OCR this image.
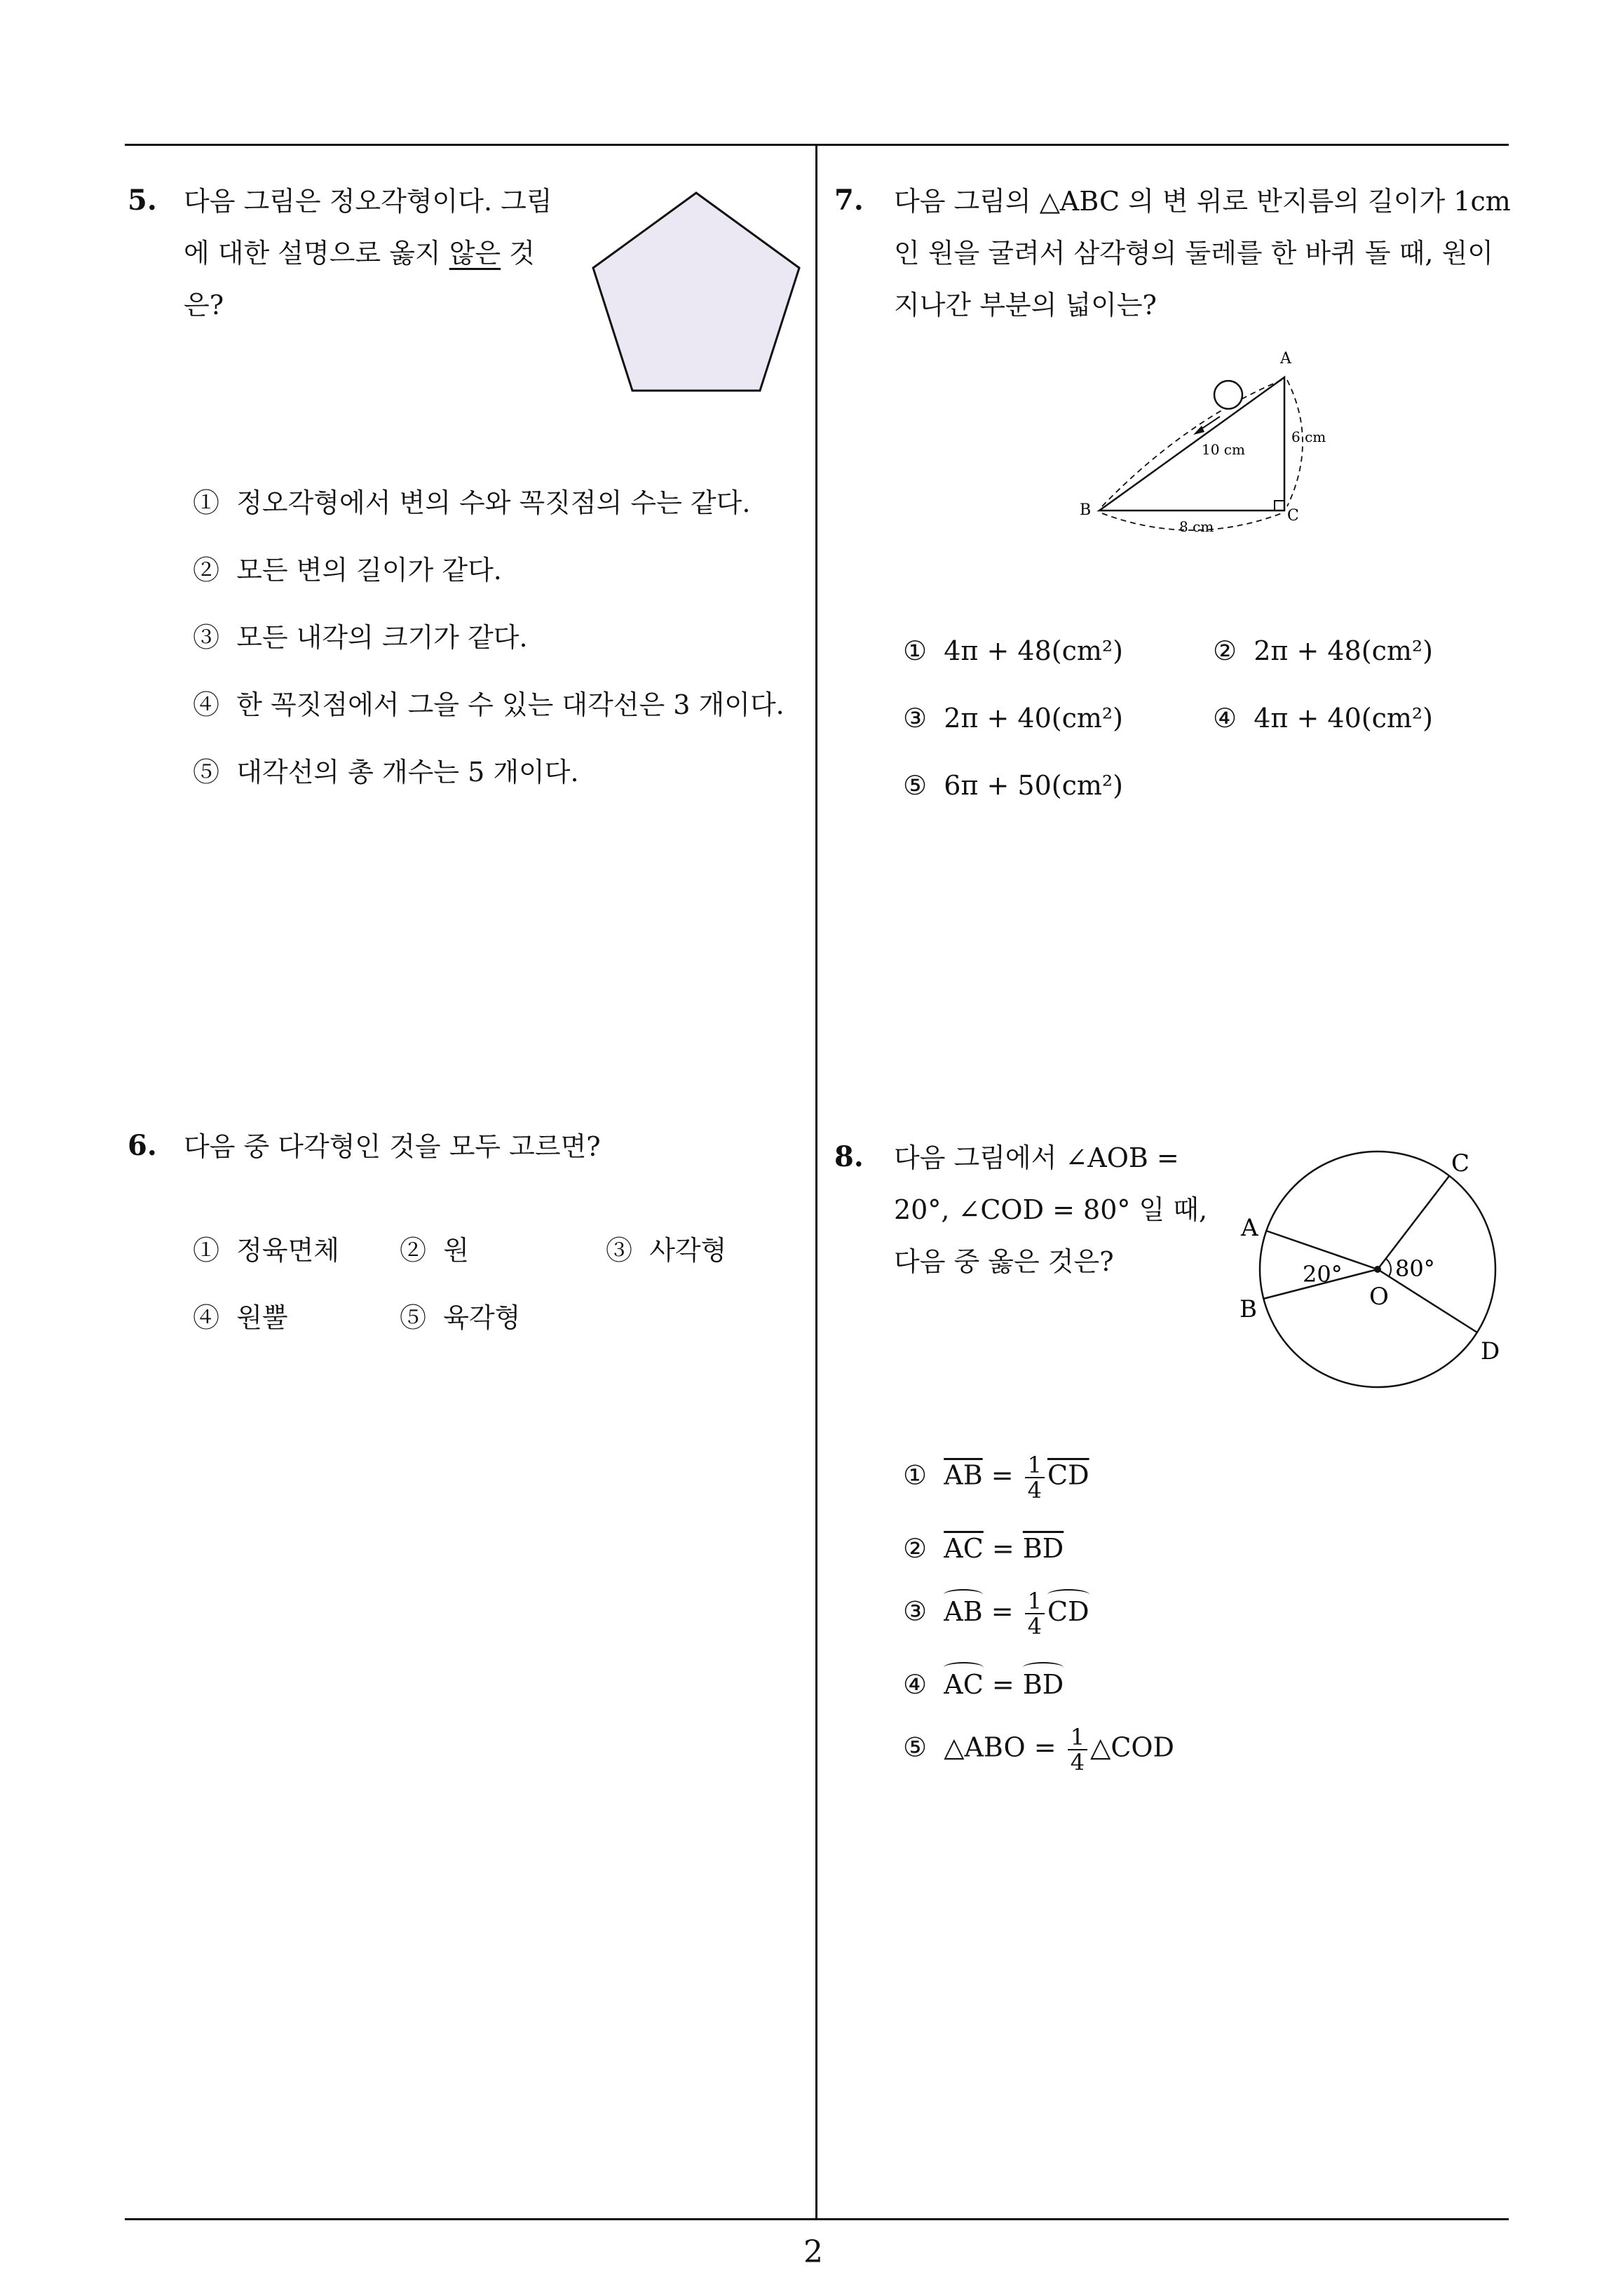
5. 다음 그림은 정오각형이다. 그림
에 대한 설명으로 옳지 않은 것
은?
① 정오각형에서 변의 수와 꼭짓점의 수는 같다.
② 모든 변의 길이가 같다.
③ 모든 내각의 크기가 같다.
④ 한 꼭짓점에서 그을 수 있는 대각선은 3 개이다.
⑤ 대각선의 총 개수는 5 개이다.
6. 다음 중 다각형인 것을 모두 고르면?
① 정육면체 ② 원	③ 사각형
④ 원뿔	⑤ 육각형
7. 다음 그림의 △ABC 의 변 위로 반지름의 길이가 1cm
인 원을 굴려서 삼각형의 둘레를 한 바퀴 돌 때, 원이
지나간 부분의 넓이는?
A
B	C
10 cm
6 cm
8 cm
① 4π + 48(cm²)	② 2π + 48(cm²)
③ 2π + 40(cm²)	④ 4π + 40(cm²)
⑤ 6π + 50(cm²)
8. 다음 그림에서 ∠AOB =
20°, ∠COD = 80° 일 때,
다음 중 옳은 것은?
A
B
C
D
O
20° 80°
① $\overline{AB} = \frac{1}{4} \overline{CD}$
② $\overline{AC} = \overline{BD}$
③ AB = $\frac{1}{4}$ CD
④ AC = BD
⑤ △ABO = $\frac{1}{4}$ △COD
2
